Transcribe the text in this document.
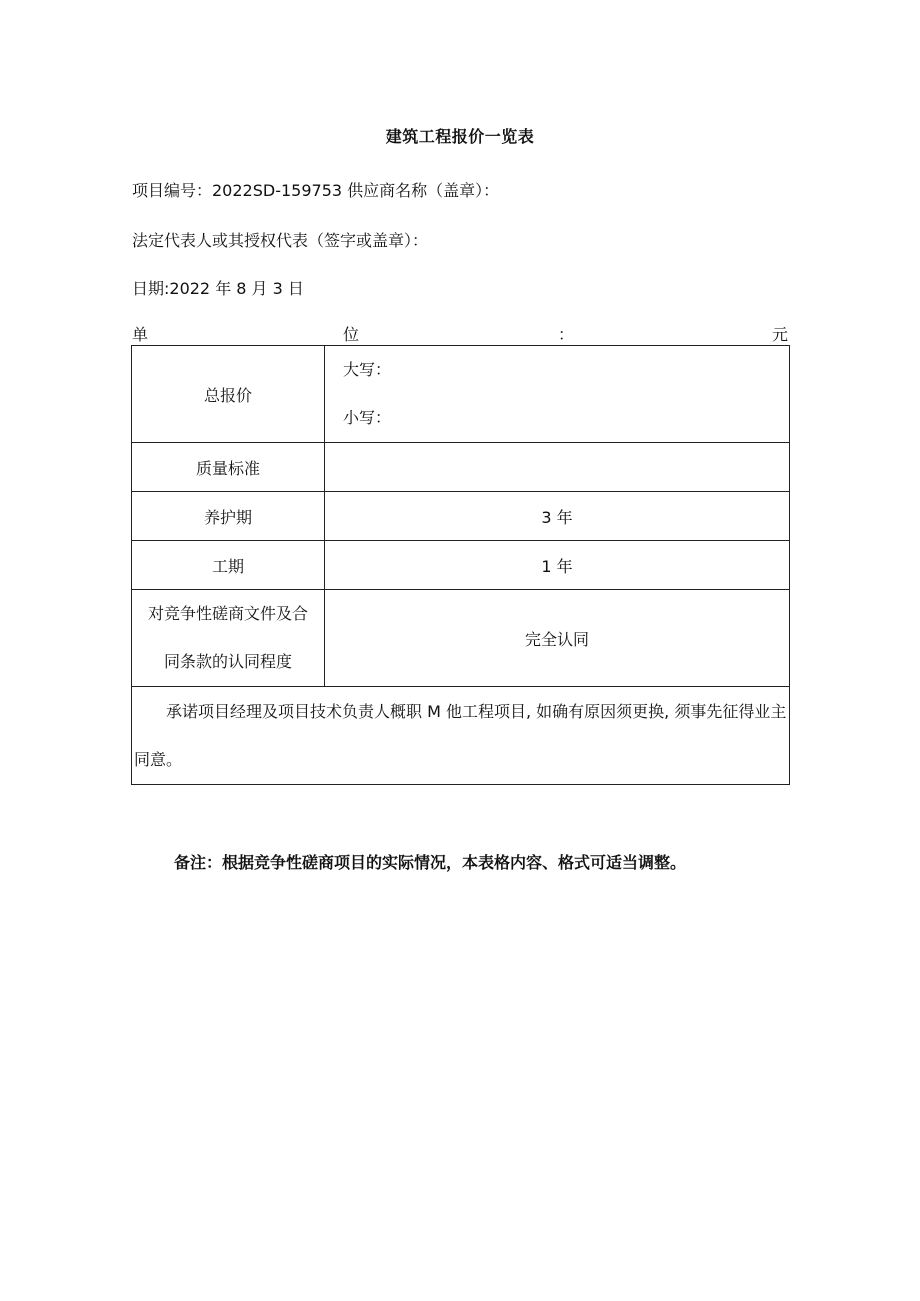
建筑工程报价一览表
项目编号：2022SD-159753 供应商名称（盖章）：
法定代表人或其授权代表（签字或盖章）：
日期:2022 年 8 月 3 日
单	位	：	元
总报价	大写：
小写：

质量标准	
养护期	3 年
工期	1 年

对竞争性磋商文件及合
同条款的认同程度	完全认同
承诺项目经理及项目技术负责人穊职 M 他工程项目, 如确有原因须更换, 须事先征得业主同意。	
备注：根据竞争性磋商项目的实际情况，本表格内容、格式可适当调整。
